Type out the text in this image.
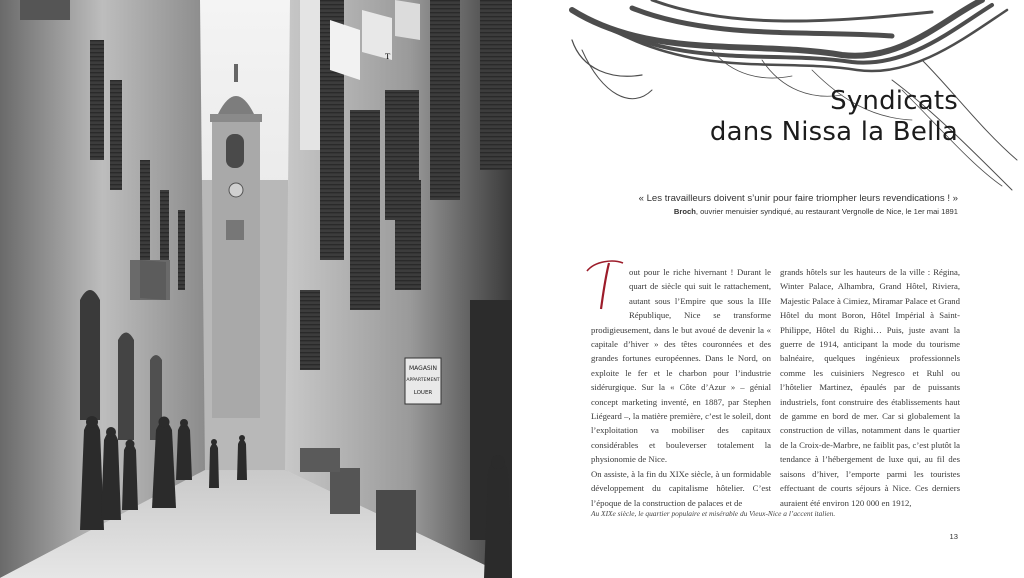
MAGASIN
APPARTEMENT
LOUER
Syndicats
dans Nissa la Bella
« Les travailleurs doivent s’unir pour faire triompher leurs revendications ! »
Broch, ouvrier menuisier syndiqué, au restaurant Vergnolle de Nice, le 1er mai 1891
T

out pour le riche hivernant ! Durant le quart de siècle qui suit le rattachement, autant sous l’Empire que sous la IIIe République, Nice se transforme prodigieusement, dans le but avoué de devenir la « capitale d’hiver » des têtes couronnées et des grandes fortunes européennes. Dans le Nord, on exploite le fer et le charbon pour l’industrie sidérurgique. Sur la « Côte d’Azur » – génial concept marketing inventé, en 1887, par Stephen Liégeard –, la matière première, c’est le soleil, dont l’exploitation va mobiliser des capitaux considérables et bouleverser totalement la physionomie de Nice.

On assiste, à la fin du XIXe siècle, à un formidable développement du capitalisme hôtelier. C’est l’époque de la construction de palaces et de

grands hôtels sur les hauteurs de la ville : Régina, Winter Palace, Alhambra, Grand Hôtel, Riviera, Majestic Palace à Cimiez, Miramar Palace et Grand Hôtel du mont Boron, Hôtel Impérial à Saint-Philippe, Hôtel du Righi… Puis, juste avant la guerre de 1914, anticipant la mode du tourisme balnéaire, quelques ingénieux professionnels comme les cuisiniers Negresco et Ruhl ou l’hôtelier Martinez, épaulés par de puissants industriels, font construire des établissements haut de gamme en bord de mer. Car si globalement la construction de villas, notamment dans le quartier de la Croix-de-Marbre, ne faiblit pas, c’est plutôt la tendance à l’hébergement de luxe qui, au fil des saisons d’hiver, l’emporte parmi les touristes effectuant de courts séjours à Nice. Ces derniers auraient été environ 120 000 en 1912,

Au XIXe siècle, le quartier populaire et misérable du Vieux-Nice a l’accent italien.
13
